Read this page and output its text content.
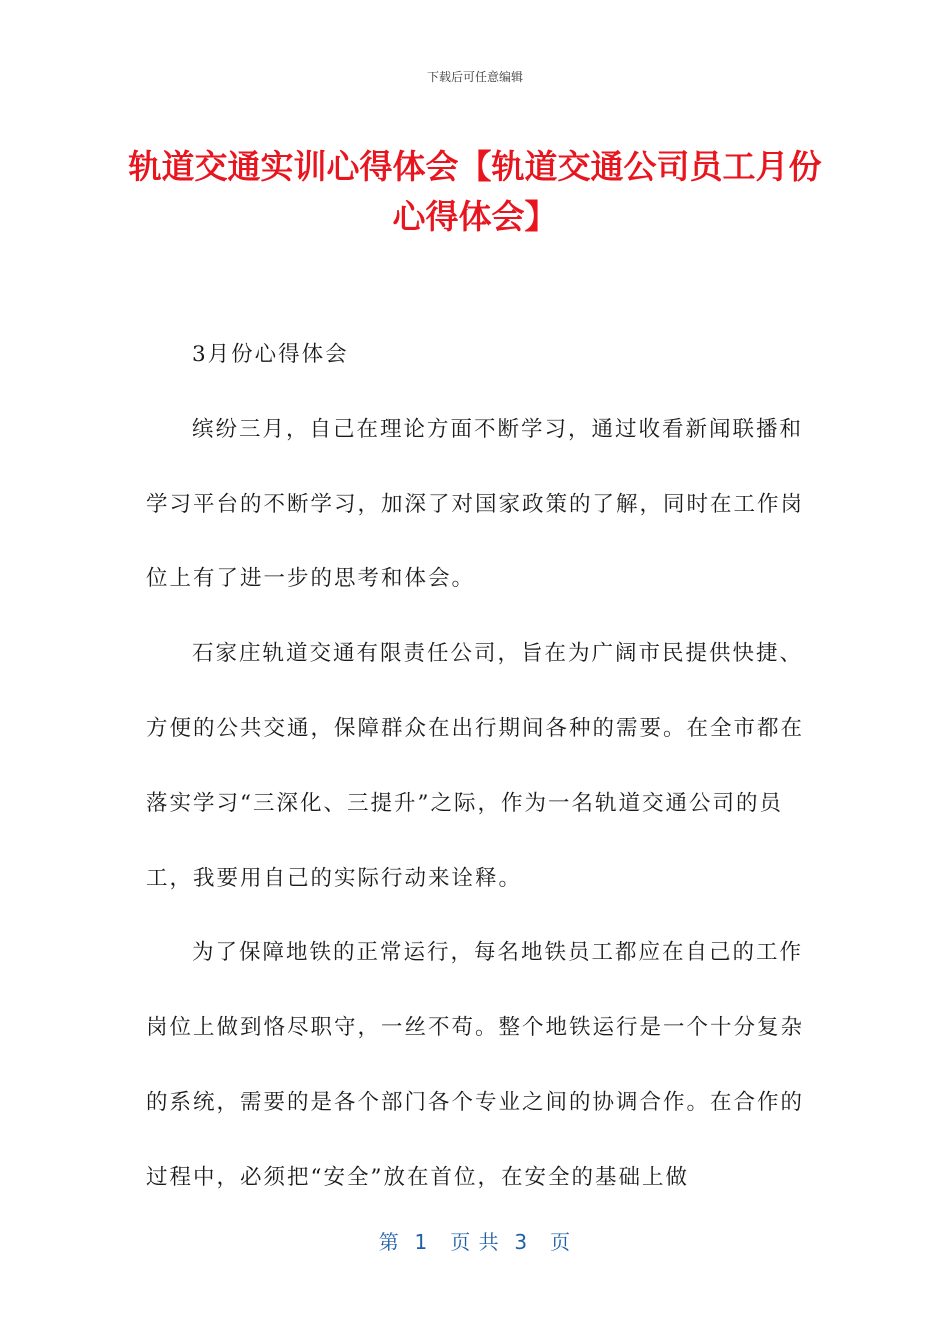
下载后可任意编辑
轨道交通实训心得体会【轨道交通公司员工月份心得体会】

3月份心得体会

缤纷三月，自己在理论方面不断学习，通过收看新闻联播和学习平台的不断学习，加深了对国家政策的了解，同时在工作岗位上有了进一步的思考和体会。

石家庄轨道交通有限责任公司，旨在为广阔市民提供快捷、方便的公共交通，保障群众在出行期间各种的需要。在全市都在落实学习“三深化、三提升”之际，作为一名轨道交通公司的员工，我要用自己的实际行动来诠释。

为了保障地铁的正常运行，每名地铁员工都应在自己的工作岗位上做到恪尽职守，一丝不苟。整个地铁运行是一个十分复杂的系统，需要的是各个部门各个专业之间的协调合作。在合作的过程中，必须把“安全”放在首位，在安全的基础上做

第  1   页 共  3   页
